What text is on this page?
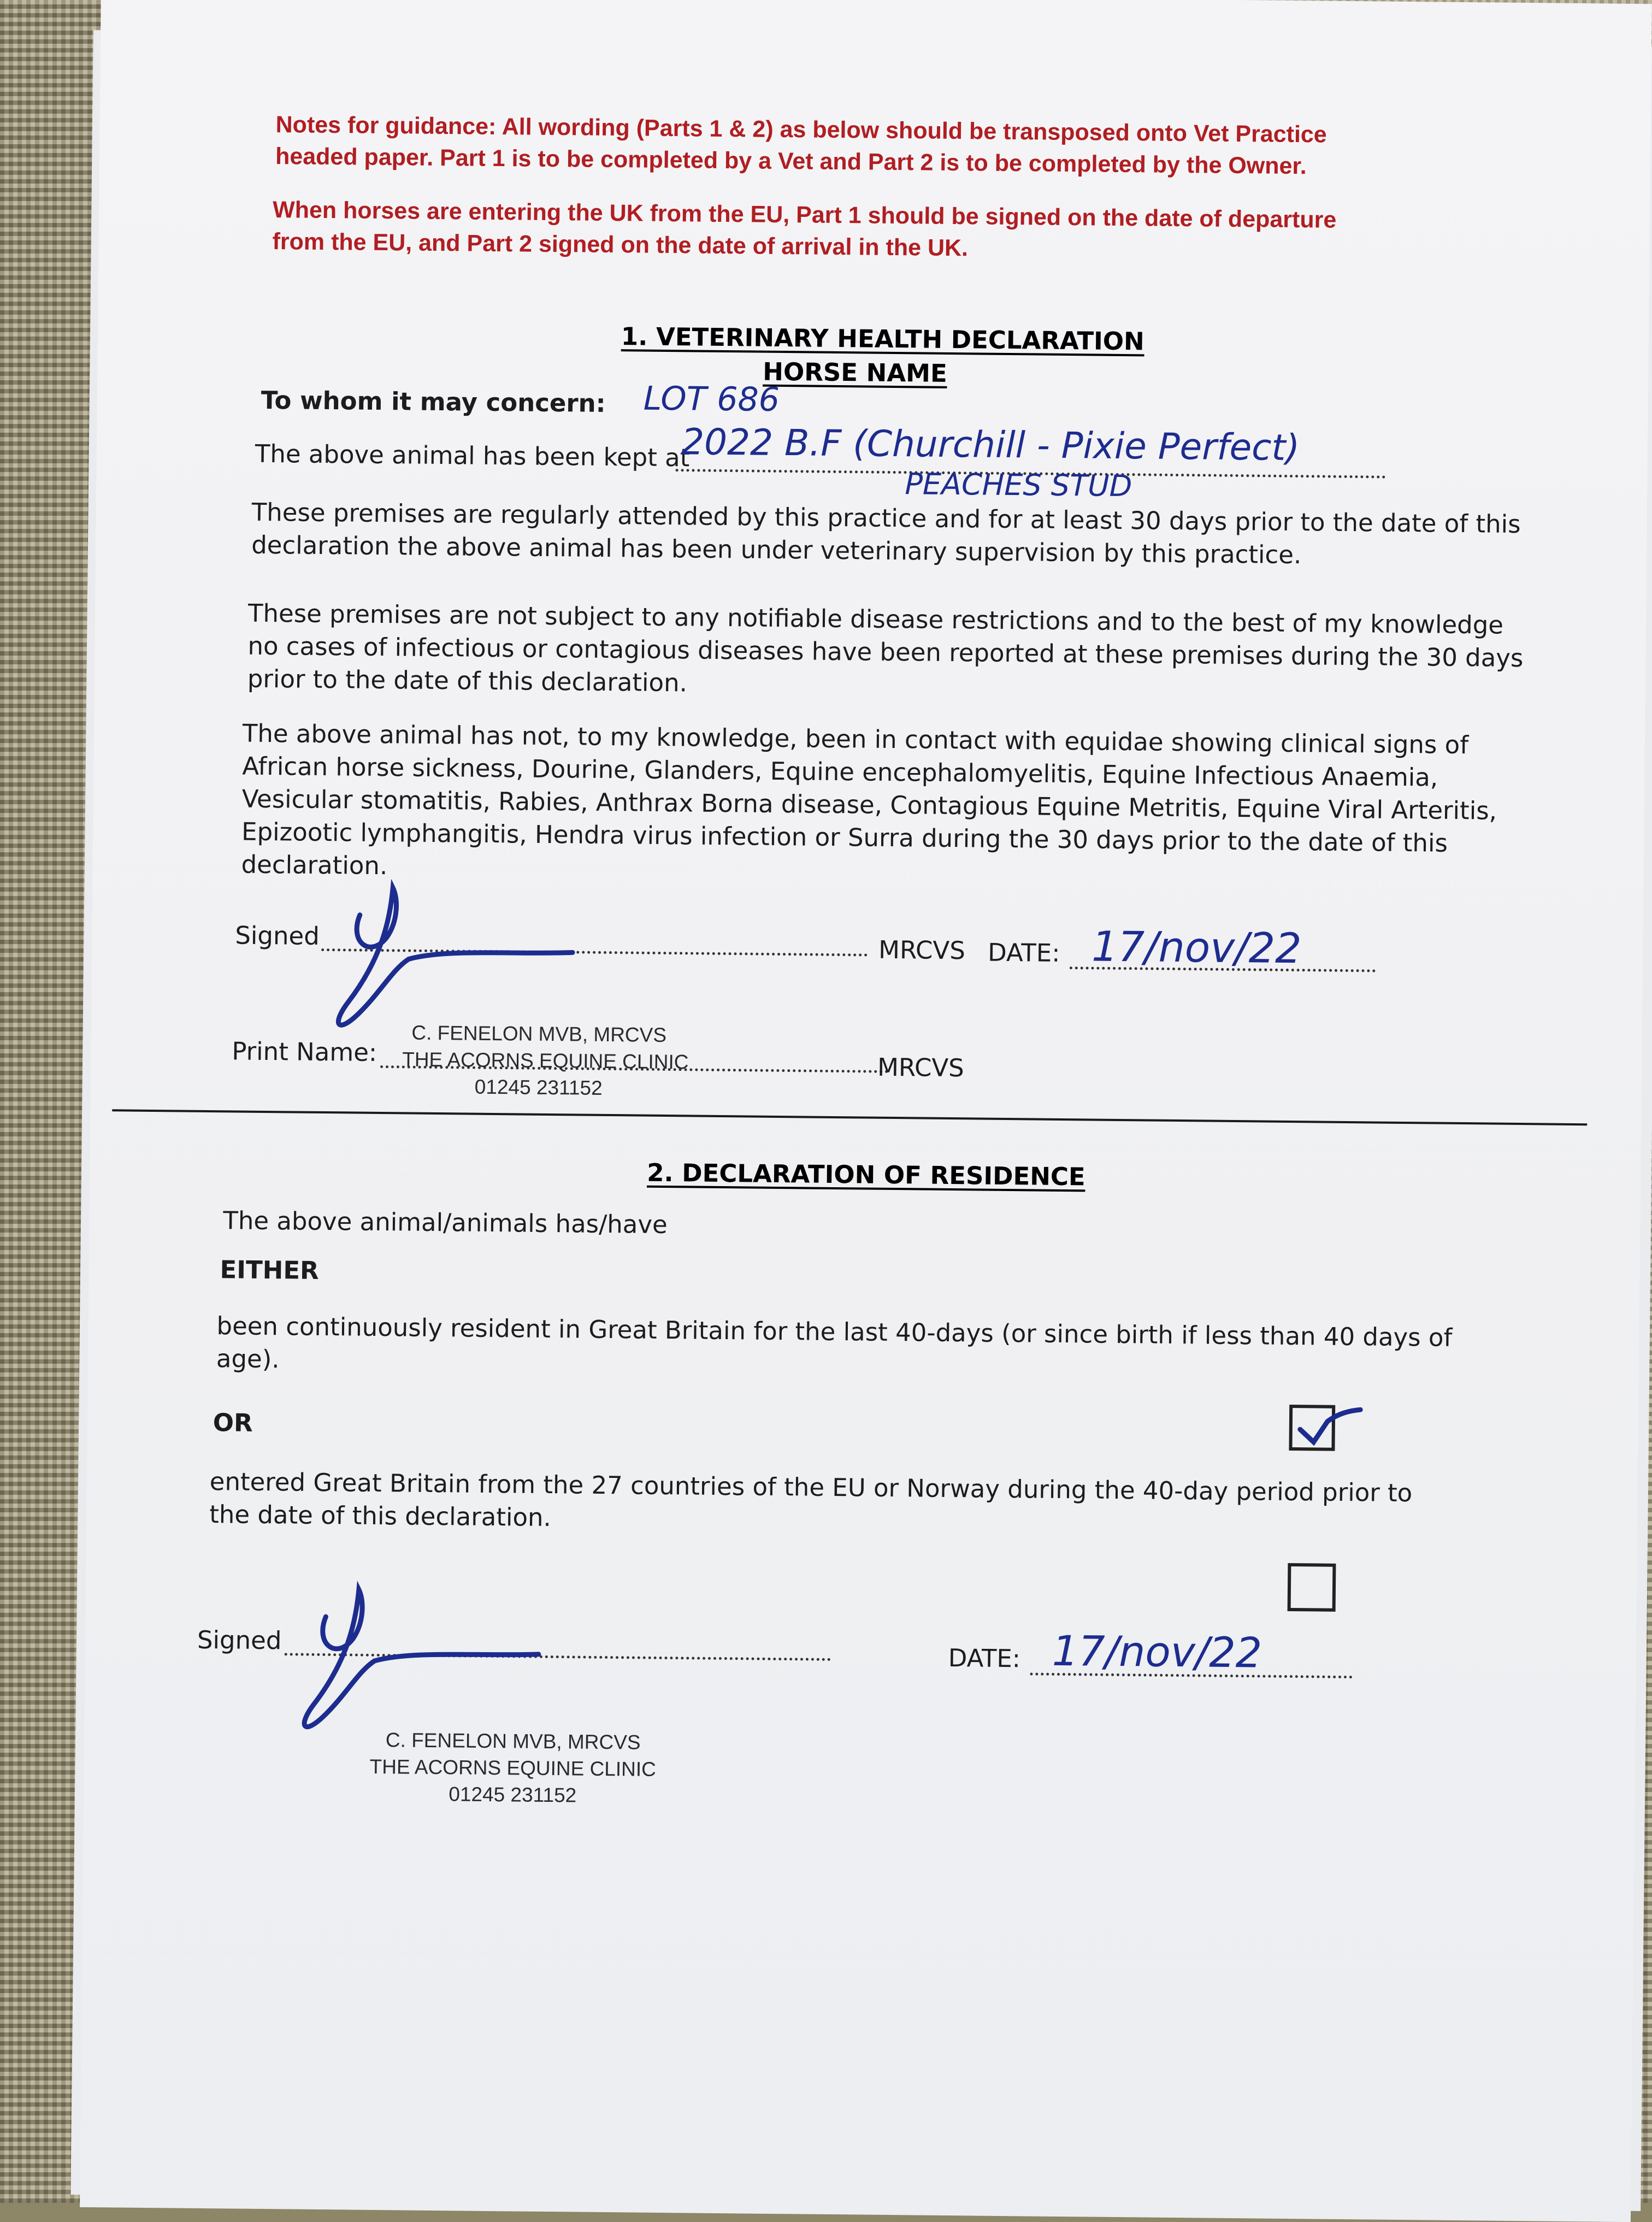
Notes for guidance: All wording (Parts 1 & 2) as below should be transposed onto Vet Practice
headed paper. Part 1 is to be completed by a Vet and Part 2 is to be completed by the Owner.
When horses are entering the UK from the EU, Part 1 should be signed on the date of departure
from the EU, and Part 2 signed on the date of arrival in the UK.
1. VETERINARY HEALTH DECLARATION
HORSE NAME
To whom it may concern: LOT 686
The above animal has been kept at
2022 B.F (Churchill - Pixie Perfect)
PEACHES STUD
These premises are regularly attended by this practice and for at least 30 days prior to the date of this
declaration the above animal has been under veterinary supervision by this practice.
These premises are not subject to any notifiable disease restrictions and to the best of my knowledge
no cases of infectious or contagious diseases have been reported at these premises during the 30 days
prior to the date of this declaration.
The above animal has not, to my knowledge, been in contact with equidae showing clinical signs of
African horse sickness, Dourine, Glanders, Equine encephalomyelitis, Equine Infectious Anaemia,
Vesicular stomatitis, Rabies, Anthrax Borna disease, Contagious Equine Metritis, Equine Viral Arteritis,
Epizootic lymphangitis, Hendra virus infection or Surra during the 30 days prior to the date of this
declaration.
Signed	MRCVS DATE: 17/nov/22
Print Name:
C. FENELON MVB, MRCVS
THE ACORNS EQUINE CLINIC
01245 231152
MRCVS
2. DECLARATION OF RESIDENCE
The above animal/animals has/have
EITHER
been continuously resident in Great Britain for the last 40-days (or since birth if less than 40 days of
age).
OR
entered Great Britain from the 27 countries of the EU or Norway during the 40-day period prior to
the date of this declaration.
Signed
DATE: 17/nov/22
C. FENELON MVB, MRCVS
THE ACORNS EQUINE CLINIC
01245 231152
